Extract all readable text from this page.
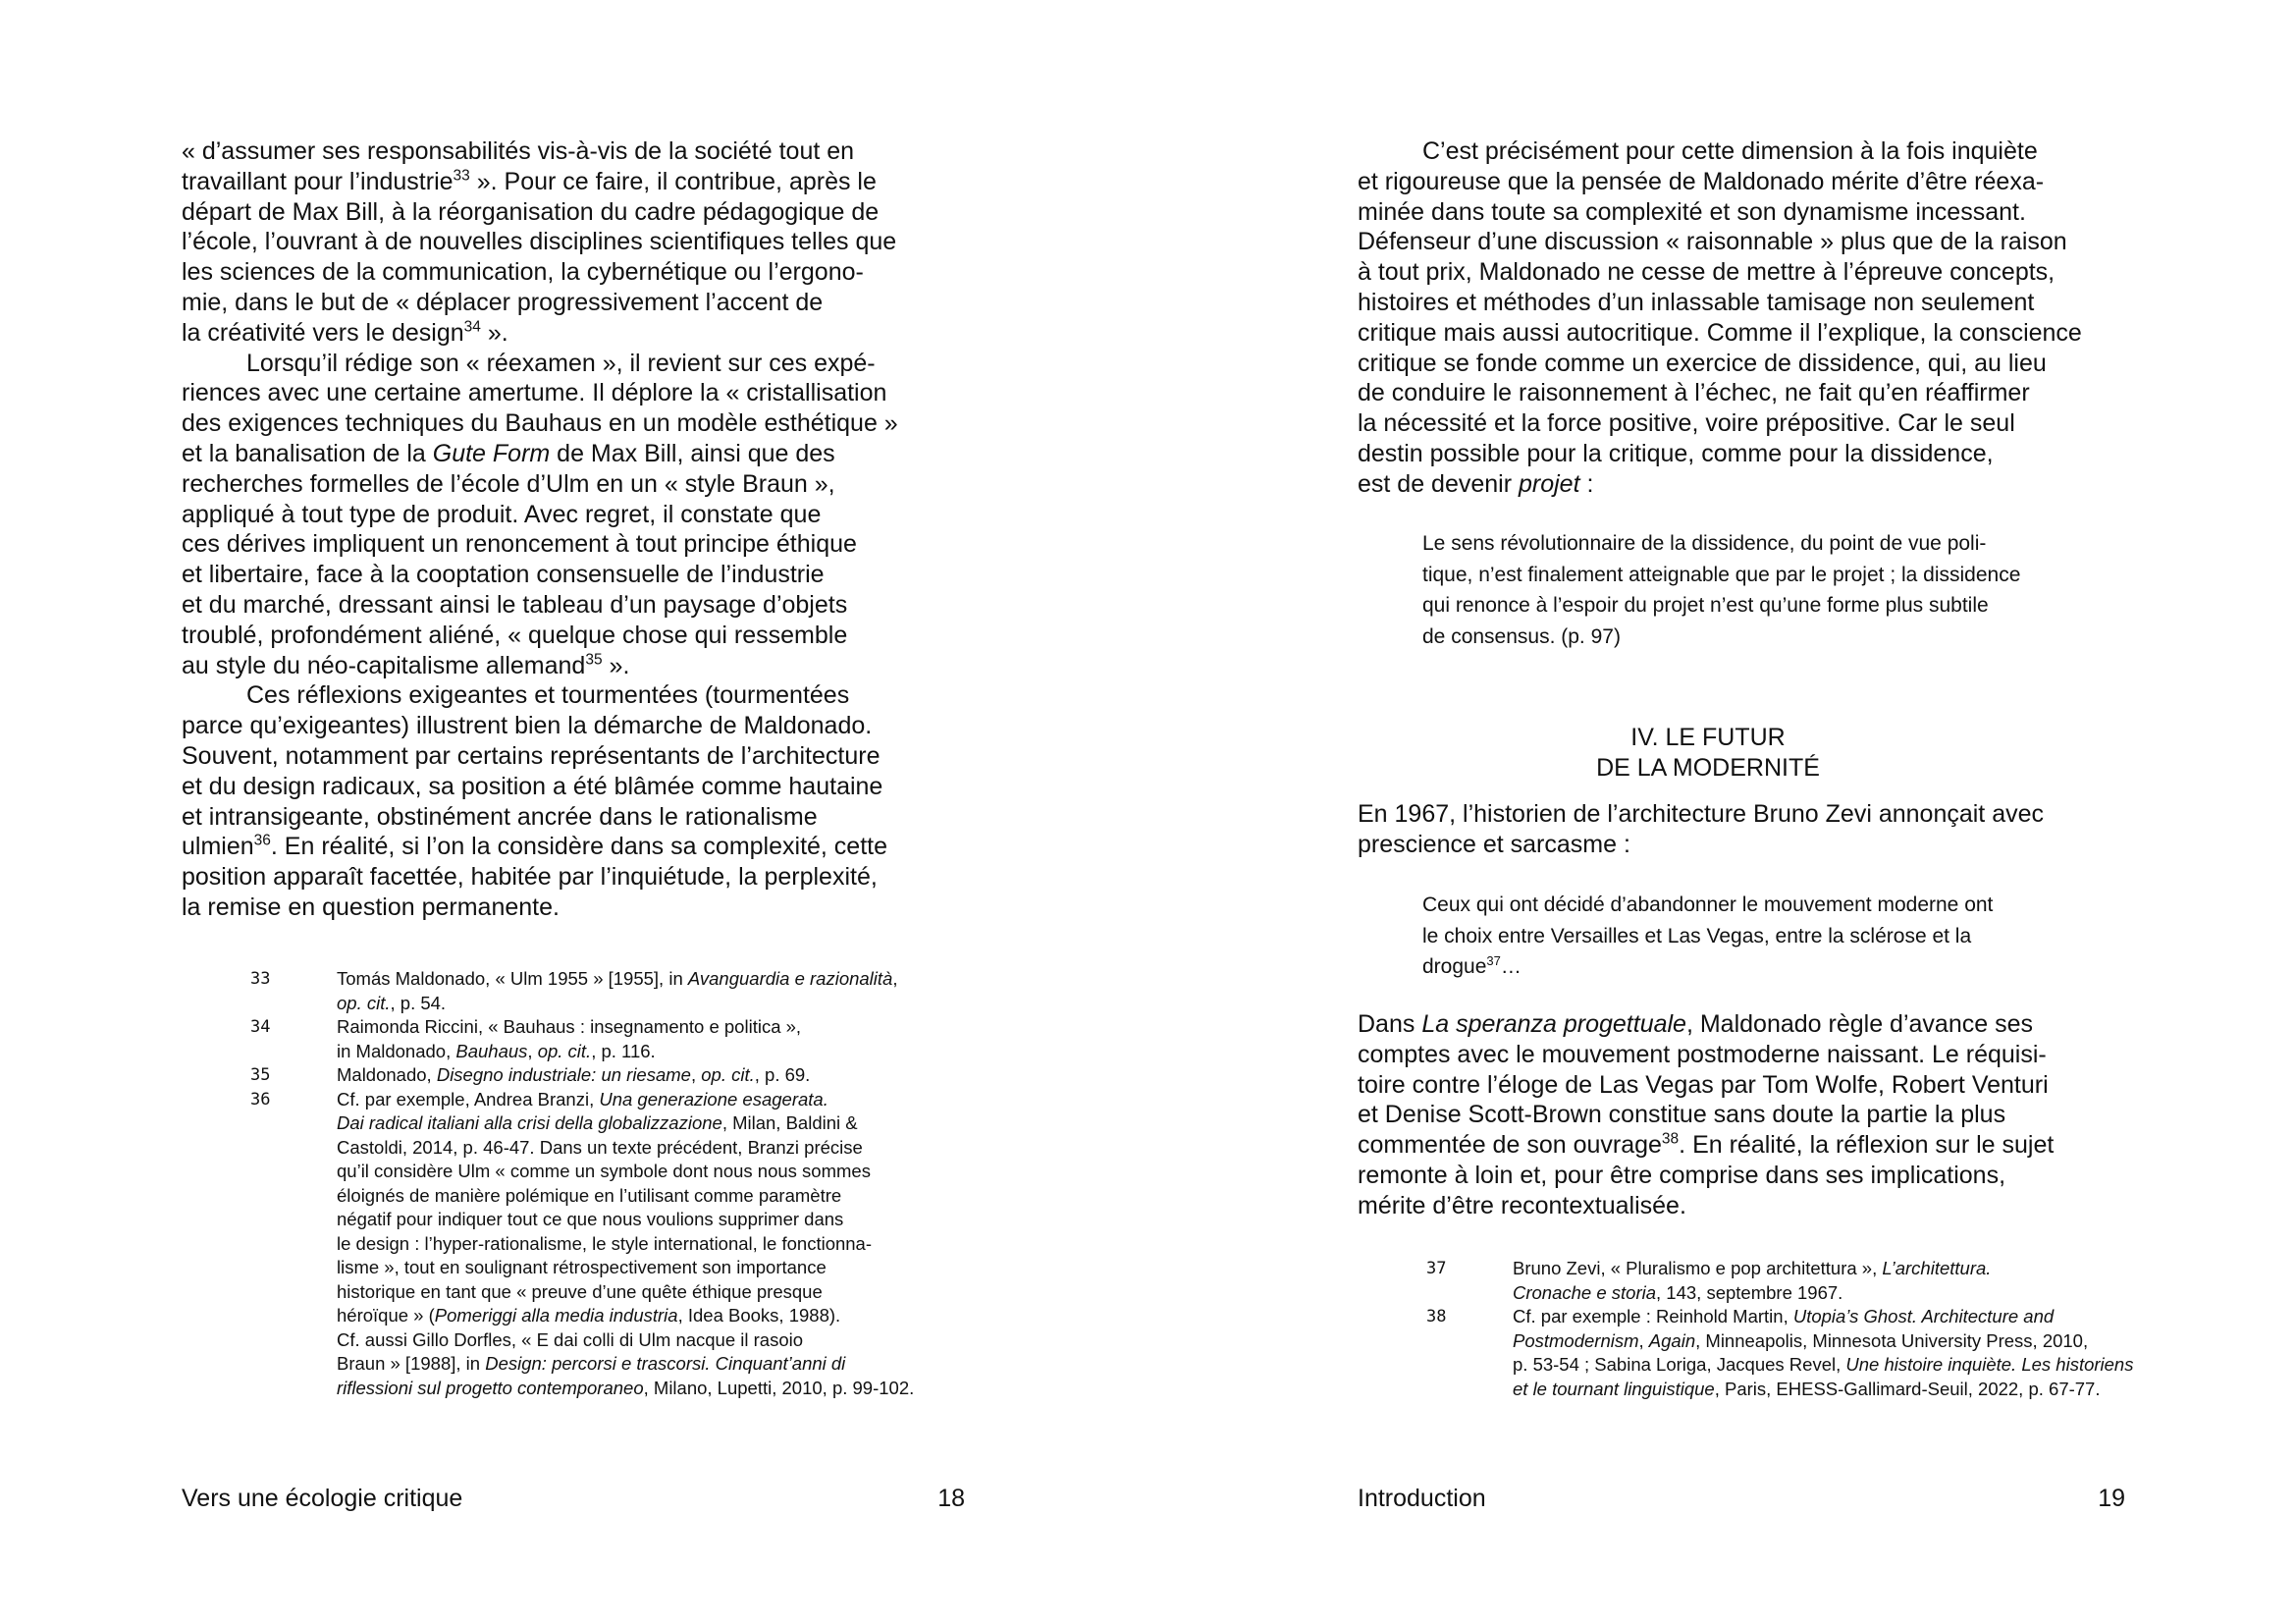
« d’assumer ses responsabilités vis-à-vis de la société tout en
travaillant pour l’industrie$^{33}$ ». Pour ce faire, il contribue, après le
départ de Max Bill, à la réorganisation du cadre pédagogique de
l’école, l’ouvrant à de nouvelles disciplines scientifiques telles que
les sciences de la communication, la cybernétique ou l’ergono-
mie, dans le but de « déplacer progressivement l’accent de
la créativité vers le design$^{34}$ ».
Lorsqu’il rédige son « réexamen », il revient sur ces expé-
riences avec une certaine amertume. Il déplore la « cristallisation
des exigences techniques du Bauhaus en un modèle esthétique »
et la banalisation de la Gute Form de Max Bill, ainsi que des
recherches formelles de l’école d’Ulm en un « style Braun »,
appliqué à tout type de produit. Avec regret, il constate que
ces dérives impliquent un renoncement à tout principe éthique
et libertaire, face à la cooptation consensuelle de l’industrie
et du marché, dressant ainsi le tableau d’un paysage d’objets
troublé, profondément aliéné, « quelque chose qui ressemble
au style du néo-capitalisme allemand$^{35}$ ».
Ces réflexions exigeantes et tourmentées (tourmentées
parce qu’exigeantes) illustrent bien la démarche de Maldonado.
Souvent, notamment par certains représentants de l’architecture
et du design radicaux, sa position a été blâmée comme hautaine
et intransigeante, obstinément ancrée dans le rationalisme
ulmien$^{36}$. En réalité, si l’on la considère dans sa complexité, cette
position apparaît facettée, habitée par l’inquiétude, la perplexité,
la remise en question permanente.
33	Tomás Maldonado, « Ulm 1955 » [1955], in Avanguardia e razionalità,
op. cit., p. 54.
34	Raimonda Riccini, « Bauhaus : insegnamento e politica »,
in Maldonado, Bauhaus, op. cit., p. 116.
35	Maldonado, Disegno industriale: un riesame, op. cit., p. 69.
36	Cf. par exemple, Andrea Branzi, Una generazione esagerata.
Dai radical italiani alla crisi della globalizzazione, Milan, Baldini &
Castoldi, 2014, p. 46-47. Dans un texte précédent, Branzi précise
qu’il considère Ulm « comme un symbole dont nous nous sommes
éloignés de manière polémique en l’utilisant comme paramètre
négatif pour indiquer tout ce que nous voulions supprimer dans
le design : l’hyper-rationalisme, le style international, le fonctionna-
lisme », tout en soulignant rétrospectivement son importance
historique en tant que « preuve d’une quête éthique presque
héroïque » (Pomeriggi alla media industria, Idea Books, 1988).
Cf. aussi Gillo Dorfles, « E dai colli di Ulm nacque il rasoio
Braun » [1988], in Design: percorsi e trascorsi. Cinquant’anni di
riflessioni sul progetto contemporaneo, Milano, Lupetti, 2010, p. 99-102.
Vers une écologie critique	18
C’est précisément pour cette dimension à la fois inquiète
et rigoureuse que la pensée de Maldonado mérite d’être réexa-
minée dans toute sa complexité et son dynamisme incessant.
Défenseur d’une discussion « raisonnable » plus que de la raison
à tout prix, Maldonado ne cesse de mettre à l’épreuve concepts,
histoires et méthodes d’un inlassable tamisage non seulement
critique mais aussi autocritique. Comme il l’explique, la conscience
critique se fonde comme un exercice de dissidence, qui, au lieu
de conduire le raisonnement à l’échec, ne fait qu’en réaffirmer
la nécessité et la force positive, voire prépositive. Car le seul
destin possible pour la critique, comme pour la dissidence,
est de devenir projet :
Le sens révolutionnaire de la dissidence, du point de vue poli-
tique, n’est finalement atteignable que par le projet ; la dissidence
qui renonce à l’espoir du projet n’est qu’une forme plus subtile
de consensus. (p. 97)
IV. LE FUTUR
DE LA MODERNITÉ
En 1967, l’historien de l’architecture Bruno Zevi annonçait avec
prescience et sarcasme :
Ceux qui ont décidé d’abandonner le mouvement moderne ont
le choix entre Versailles et Las Vegas, entre la sclérose et la
drogue$^{37}$…
Dans La speranza progettuale, Maldonado règle d’avance ses
comptes avec le mouvement postmoderne naissant. Le réquisi-
toire contre l’éloge de Las Vegas par Tom Wolfe, Robert Venturi
et Denise Scott-Brown constitue sans doute la partie la plus
commentée de son ouvrage$^{38}$. En réalité, la réflexion sur le sujet
remonte à loin et, pour être comprise dans ses implications,
mérite d’être recontextualisée.
37	Bruno Zevi, « Pluralismo e pop architettura », L’architettura.
Cronache e storia, 143, septembre 1967.
38	Cf. par exemple : Reinhold Martin, Utopia’s Ghost. Architecture and
Postmodernism, Again, Minneapolis, Minnesota University Press, 2010,
p. 53-54 ; Sabina Loriga, Jacques Revel, Une histoire inquiète. Les historiens
et le tournant linguistique, Paris, EHESS-Gallimard-Seuil, 2022, p. 67-77.
Introduction	19
